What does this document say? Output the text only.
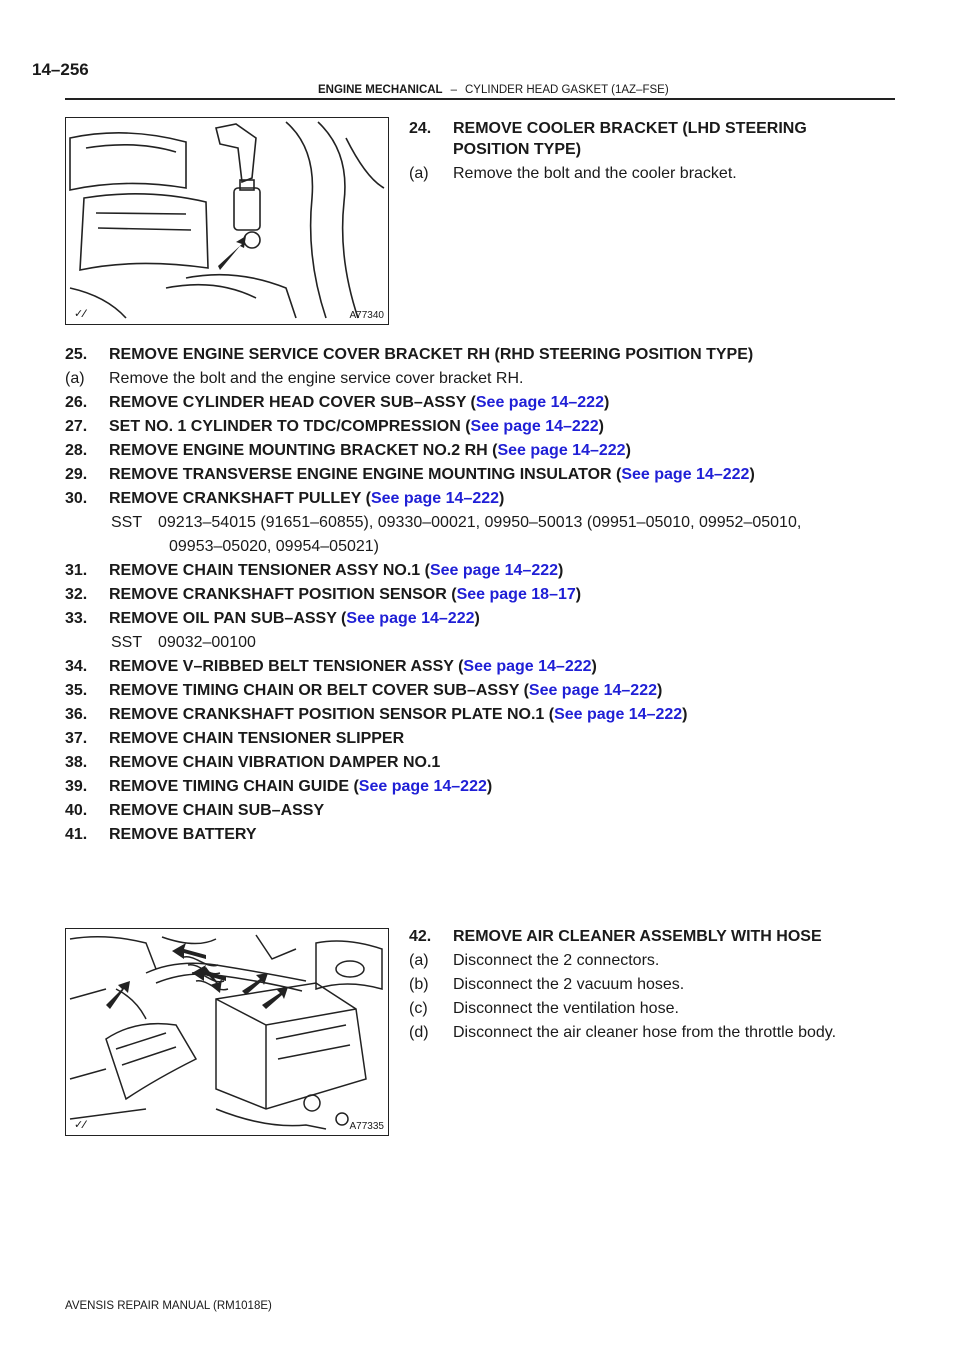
14–256
ENGINE MECHANICAL – CYLINDER HEAD GASKET (1AZ–FSE)
✓⁄	A77340
24. REMOVE COOLER BRACKET (LHD STEERING
POSITION TYPE)
(a) Remove the bolt and the cooler bracket.
25. REMOVE ENGINE SERVICE COVER BRACKET RH (RHD STEERING POSITION TYPE)
(a) Remove the bolt and the engine service cover bracket RH.
26. REMOVE CYLINDER HEAD COVER SUB–ASSY (See page 14–222)
27. SET NO. 1 CYLINDER TO TDC/COMPRESSION (See page 14–222)
28. REMOVE ENGINE MOUNTING BRACKET NO.2 RH (See page 14–222)
29. REMOVE TRANSVERSE ENGINE ENGINE MOUNTING INSULATOR (See page 14–222)
30. REMOVE CRANKSHAFT PULLEY (See page 14–222)
SST 09213–54015 (91651–60855), 09330–00021, 09950–50013 (09951–05010, 09952–05010,
09953–05020, 09954–05021)
31. REMOVE CHAIN TENSIONER ASSY NO.1 (See page 14–222)
32. REMOVE CRANKSHAFT POSITION SENSOR (See page 18–17)
33. REMOVE OIL PAN SUB–ASSY (See page 14–222)
SST 09032–00100
34. REMOVE V–RIBBED BELT TENSIONER ASSY (See page 14–222)
35. REMOVE TIMING CHAIN OR BELT COVER SUB–ASSY (See page 14–222)
36. REMOVE CRANKSHAFT POSITION SENSOR PLATE NO.1 (See page 14–222)
37. REMOVE CHAIN TENSIONER SLIPPER
38. REMOVE CHAIN VIBRATION DAMPER NO.1
39. REMOVE TIMING CHAIN GUIDE (See page 14–222)
40. REMOVE CHAIN SUB–ASSY
41. REMOVE BATTERY
✓⁄	A77335
42. REMOVE AIR CLEANER ASSEMBLY WITH HOSE
(a) Disconnect the 2 connectors.
(b) Disconnect the 2 vacuum hoses.
(c) Disconnect the ventilation hose.
(d) Disconnect the air cleaner hose from the throttle body.
AVENSIS REPAIR MANUAL (RM1018E)
